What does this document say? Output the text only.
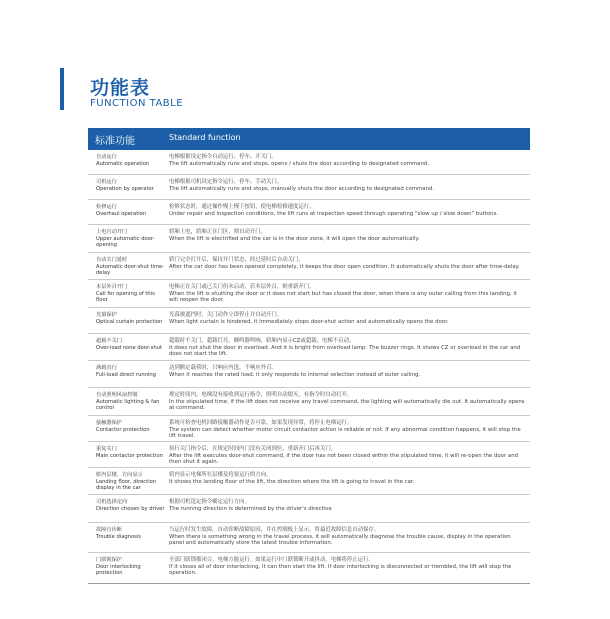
功能表
FUNCTION TABLE
标准功能	Standard function
自动运行
Automatic operation
电梯根据设定指令自动运行、停车、开关门。
The lift automatically runs and stops, opens / shuts the door according to designated command.
司机运行
Operation by operator
电梯根据司机设定指令运行、停车、手动关门。
The lift automatically runs and stops, manually shuts the door according to designated command.
检修运行
Overhaul operation
检修状态时，通过操作慢上慢下按钮，使电梯检修速度运行。
Under repair and inspection conditions, the lift runs at inspection speed through operating "slow up / slow down" buttons.
上电自动开门
Upper automatic door-opening
轿厢上电，轿厢正在门区，则自动开门。
When the lift is electrified and the car is in the door zone, it will open the door automatically.
自动关门延时
Automatic door-shut time-delay
轿门完全打开后，保持开门状态，经过延时后自动关门。
After the car door has been opened completely, it keeps the door open condition. It automatically shuts the door after time-delay.
本层外召开门
Call for opening of this floor
电梯正在关门或已关门但未启动，若本层外召，则重新开门。
When the lift is shutting the door or it does not start but has closed the door, when there is any outer calling from this landing, it will reopen the door.
光幕保护
Optical curtain protection
光幕被遮挡时，关门动作立即停止并自动开门。
When light curtain is hindered, it immediately stops door-shut action and automatically opens the door.
超载不关门
Over-load none door-shut
超载时不关门，超载灯亮，蜂鸣器鸣响，轿厢内显示CZ或超载，电梯不启动。
It does not shut the door in overload. And it is bright from overload lamp. The buzzer rings. It shows CZ or overload in the car and does not start the lift.
满载直行
Full-load direct running
达到额定载荷时，只响应内选，不响应外召。
When it reaches the rated load, it only responds to internal selection instead of outer calling.
自动照明风扇控制
Automatic lighting & fan control
规定时间内，电梯没有接收到运行指令，照明自动熄灭，有指令时自动打开。
In the stipulated time, if the lift does not receive any travel command, the lighting will automatically die out. It automatically opens at command.
接触器保护
Contactor protection
系统可检查电机回路接触器动作是否可靠，如果发现异常，将停止电梯运行。
The system can detect whether motor circuit contactor action is reliable or not. If any abnormal condition happens, it will stop the lift travel.
重复关门
Main contactor protection
执行关门指令后，在规定时间内门没有关闭到位，重新开门后再关门。
After the lift executes door-shut command, if the door has not been closed within the stipulated time, it will re-open the door and then shut it again.
轿内层楼、方向显示
Landing floor, direction display in the car
轿内显示电梯所在层楼及将要运行的方向。
It shows the landing floor of the lift, the direction where the lift is going to travel in the car.
司机选择定向
Direction chosen by driver
根据司机选定指令确定运行方向。
The running direction is determined by the driver's directive
故障自诊断
Trouble diagnosis
当运行时发生故障，自动诊断故障原因，并在控制板上显示，将最近故障信息自动保存。
When there is something wrong in the travel process, it will automatically diagnose the trouble cause, display in the operation panel and automatically store the latest trouble information.
门联锁保护
Door interlocking protection
全部门联锁都闭合，电梯方能运行。如果运行中门联锁断开或抖动，电梯将停止运行。
If it closes all of door interlocking, it can then start the lift. If door interlocking is disconnected or trembled, the lift will stop the operation.
